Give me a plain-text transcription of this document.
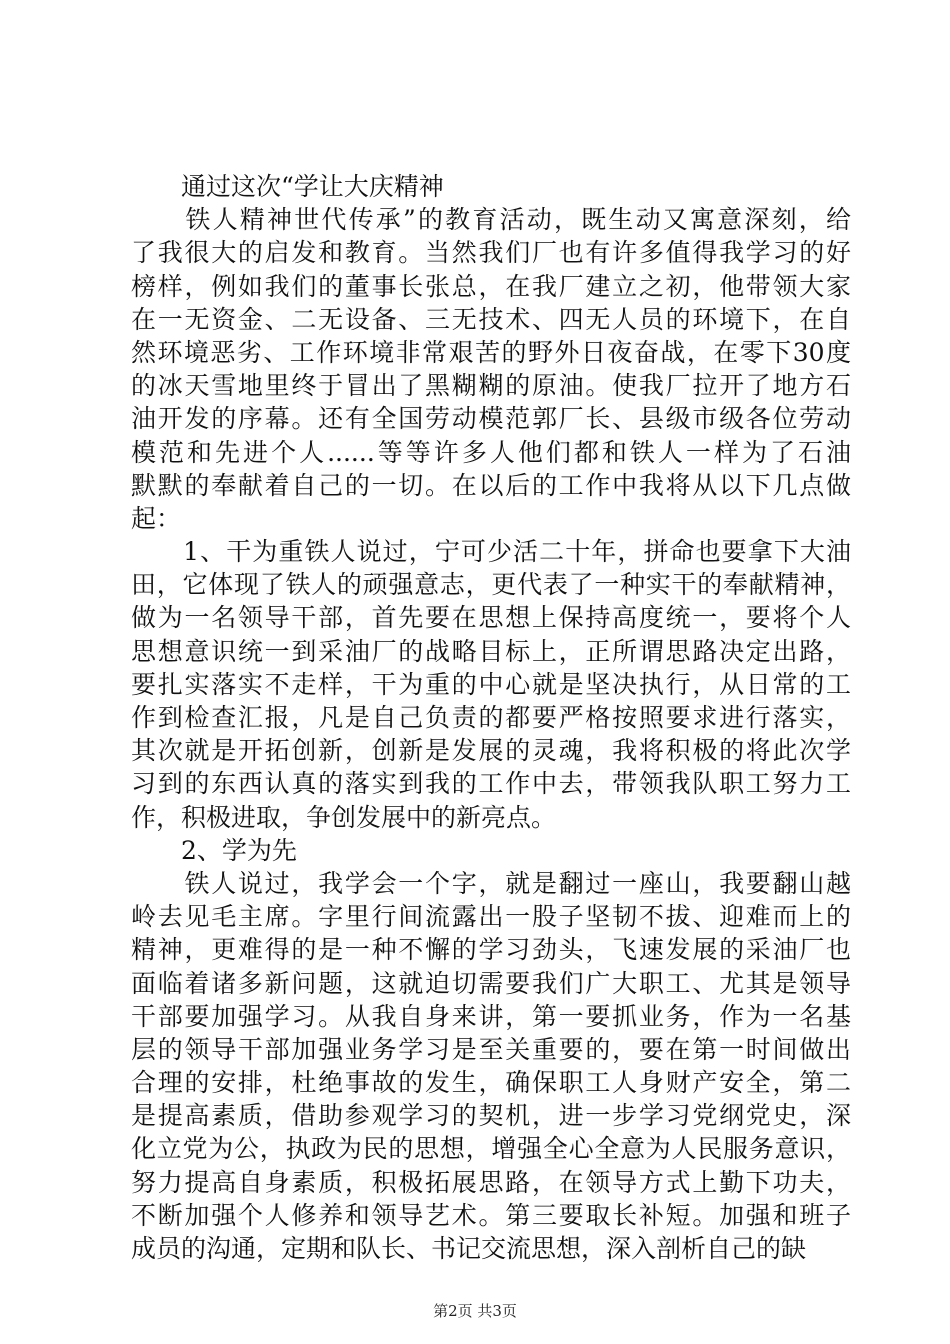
　　通过这次“学让大庆精神
　　铁人精神世代传承”的教育活动，既生动又寓意深刻，给
了我很大的启发和教育。当然我们厂也有许多值得我学习的好
榜样，例如我们的董事长张总，在我厂建立之初，他带领大家
在一无资金、二无设备、三无技术、四无人员的环境下，在自
然环境恶劣、工作环境非常艰苦的野外日夜奋战，在零下30度
的冰天雪地里终于冒出了黑糊糊的原油。使我厂拉开了地方石
油开发的序幕。还有全国劳动模范郭厂长、县级市级各位劳动
模范和先进个人......等等许多人他们都和铁人一样为了石油
默默的奉献着自己的一切。在以后的工作中我将从以下几点做
起：
　　1、干为重铁人说过，宁可少活二十年，拼命也要拿下大油
田，它体现了铁人的顽强意志，更代表了一种实干的奉献精神，
做为一名领导干部，首先要在思想上保持高度统一，要将个人
思想意识统一到采油厂的战略目标上，正所谓思路决定出路，
要扎实落实不走样，干为重的中心就是坚决执行，从日常的工
作到检查汇报，凡是自己负责的都要严格按照要求进行落实，
其次就是开拓创新，创新是发展的灵魂，我将积极的将此次学
习到的东西认真的落实到我的工作中去，带领我队职工努力工
作，积极进取，争创发展中的新亮点。
　　2、学为先
　　铁人说过，我学会一个字，就是翻过一座山，我要翻山越
岭去见毛主席。字里行间流露出一股子坚韧不拔、迎难而上的
精神，更难得的是一种不懈的学习劲头，飞速发展的采油厂也
面临着诸多新问题，这就迫切需要我们广大职工、尤其是领导
干部要加强学习。从我自身来讲，第一要抓业务，作为一名基
层的领导干部加强业务学习是至关重要的，要在第一时间做出
合理的安排，杜绝事故的发生，确保职工人身财产安全，第二
是提高素质，借助参观学习的契机，进一步学习党纲党史，深
化立党为公，执政为民的思想，增强全心全意为人民服务意识，
努力提高自身素质，积极拓展思路，在领导方式上勤下功夫，
不断加强个人修养和领导艺术。第三要取长补短。加强和班子
成员的沟通，定期和队长、书记交流思想，深入剖析自己的缺
第2页 共3页
